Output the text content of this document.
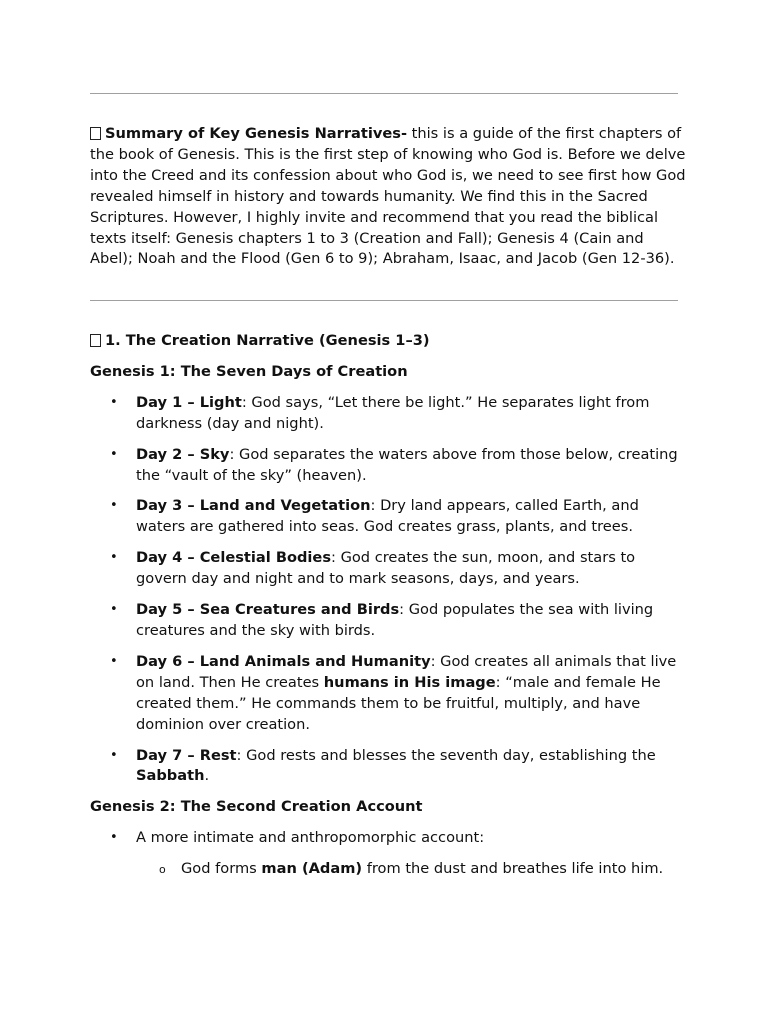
Summary of Key Genesis Narratives- this is a guide of the first chapters of the book of Genesis. This is the first step of knowing who God is. Before we delve into the Creed and its confession about who God is, we need to see first how God revealed himself in history and towards humanity. We find this in the Sacred Scriptures. However, I highly invite and recommend that you read the biblical texts itself: Genesis chapters 1 to 3 (Creation and Fall); Genesis 4 (Cain and Abel); Noah and the Flood (Gen 6 to 9); Abraham, Isaac, and Jacob (Gen 12-36).

1. The Creation Narrative (Genesis 1–3)
Genesis 1: The Seven Days of Creation
• Day 1 – Light: God says, “Let there be light.” He separates light from darkness (day and night).
• Day 2 – Sky: God separates the waters above from those below, creating the “vault of the sky” (heaven).
• Day 3 – Land and Vegetation: Dry land appears, called Earth, and waters are gathered into seas. God creates grass, plants, and trees.
• Day 4 – Celestial Bodies: God creates the sun, moon, and stars to govern day and night and to mark seasons, days, and years.
• Day 5 – Sea Creatures and Birds: God populates the sea with living creatures and the sky with birds.
• Day 6 – Land Animals and Humanity: God creates all animals that live on land. Then He creates humans in His image: “male and female He created them.” He commands them to be fruitful, multiply, and have dominion over creation.
• Day 7 – Rest: God rests and blesses the seventh day, establishing the Sabbath.
Genesis 2: The Second Creation Account
• A more intimate and anthropomorphic account:
o God forms man (Adam) from the dust and breathes life into him.
